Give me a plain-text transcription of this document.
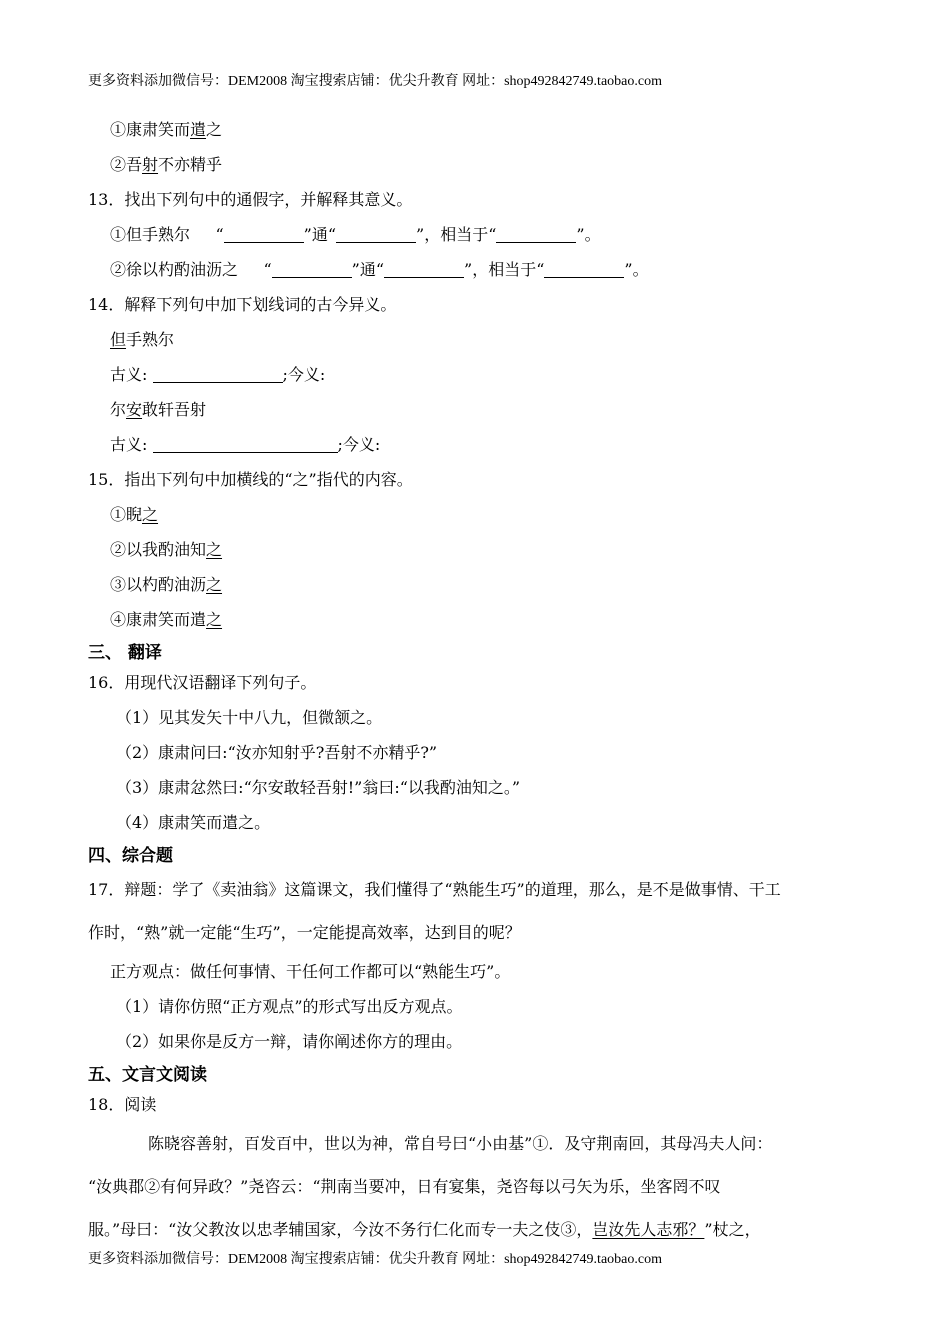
更多资料添加微信号：DEM2008 淘宝搜索店铺：优尖升教育 网址：shop492842749.taobao.com
①康肃笑而遣之
②吾射不亦精乎
13．找出下列句中的通假字，并解释其意义。
①但手熟尔 “	”通“	”，相当于“	”。
②徐以杓酌油沥之 “	”通“	”，相当于“	”。
14．解释下列句中加下划线词的古今异义。
但手熟尔
古义:	;今义:
尔安敢轩吾射
古义:	;今义:
15．指出下列句中加横线的“之”指代的内容。
①睨之
②以我酌油知之
③以杓酌油沥之
④康肃笑而遣之
三、 翻译
16．用现代汉语翻译下列句子。
（1）见其发矢十中八九，但微颔之。
（2）康肃问曰:“汝亦知射乎?吾射不亦精乎?”
（3）康肃忿然曰:“尔安敢轻吾射!”翁曰:“以我酌油知之。”
（4）康肃笑而遣之。
四、综合题
17．辩题：学了《卖油翁》这篇课文，我们懂得了“熟能生巧”的道理，那么，是不是做事情、干工
作时，“熟”就一定能“生巧”，一定能提高效率，达到目的呢？
正方观点：做任何事情、干任何工作都可以“熟能生巧”。
（1）请你仿照“正方观点”的形式写出反方观点。
（2）如果你是反方一辩，请你阐述你方的理由。
五、文言文阅读
18．阅读
陈晓容善射，百发百中，世以为神，常自号曰“小由基”①．及守荆南回，其母冯夫人问：
“汝典郡②有何异政？”尧咨云：“荆南当要冲，日有宴集，尧咨每以弓矢为乐，坐客罔不叹
服。”母曰：“汝父教汝以忠孝辅国家，今汝不务行仁化而专一夫之伎③，岂汝先人志邪？”杖之，
更多资料添加微信号：DEM2008 淘宝搜索店铺：优尖升教育 网址：shop492842749.taobao.com
